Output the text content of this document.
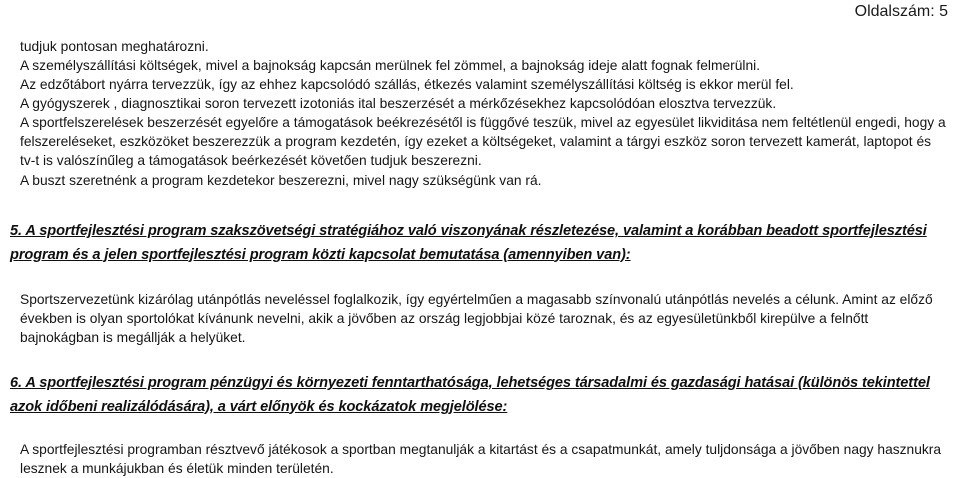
Oldalszám: 5
tudjuk pontosan meghatározni.
A személyszállítási költségek, mivel a bajnokság kapcsán merülnek fel zömmel, a bajnokság ideje alatt fognak felmerülni.
Az edzőtábort nyárra tervezzük, így az ehhez kapcsolódó szállás, étkezés valamint személyszállítási költség is ekkor merül fel.
A gyógyszerek , diagnosztikai soron tervezett izotoniás ital beszerzését a mérkőzésekhez kapcsolódóan elosztva tervezzük.
A sportfelszerelések beszerzését egyelőre a támogatások beékrezésétől is függővé teszük, mivel az egyesület likviditása nem feltétlenül engedi, hogy a felszereléseket, eszközöket beszerezzük a program kezdetén, így ezeket a költségeket, valamint a tárgyi eszköz soron tervezett kamerát, laptopot és tv-t is valószínűleg a támogatások beérkezését követően tudjuk beszerezni.
A buszt szeretnénk a program kezdetekor beszerezni, mivel nagy szükségünk van rá.
5. A sportfejlesztési program szakszövetségi stratégiához való viszonyának részletezése, valamint a korábban beadott sportfejlesztési program és a jelen sportfejlesztési program közti kapcsolat bemutatása (amennyiben van):
Sportszervezetünk kizárólag utánpótlás neveléssel foglalkozik, így egyértelműen a magasabb színvonalú utánpótlás nevelés a célunk. Amint az előző években is olyan sportolókat kívánunk nevelni, akik a jövőben az ország legjobbjai közé taroznak, és az egyesületünkből kirepülve a felnőtt bajnokágban is megállják a helyüket.
6. A sportfejlesztési program pénzügyi és környezeti fenntarthatósága, lehetséges társadalmi és gazdasági hatásai (különös tekintettel azok időbeni realizálódására), a várt előnyök és kockázatok megjelölése:
A sportfejlesztési programban résztvevő játékosok a sportban megtanulják a kitartást és a csapatmunkát, amely tuljdonsága a jövőben nagy hasznukra lesznek a munkájukban és életük minden területén.
